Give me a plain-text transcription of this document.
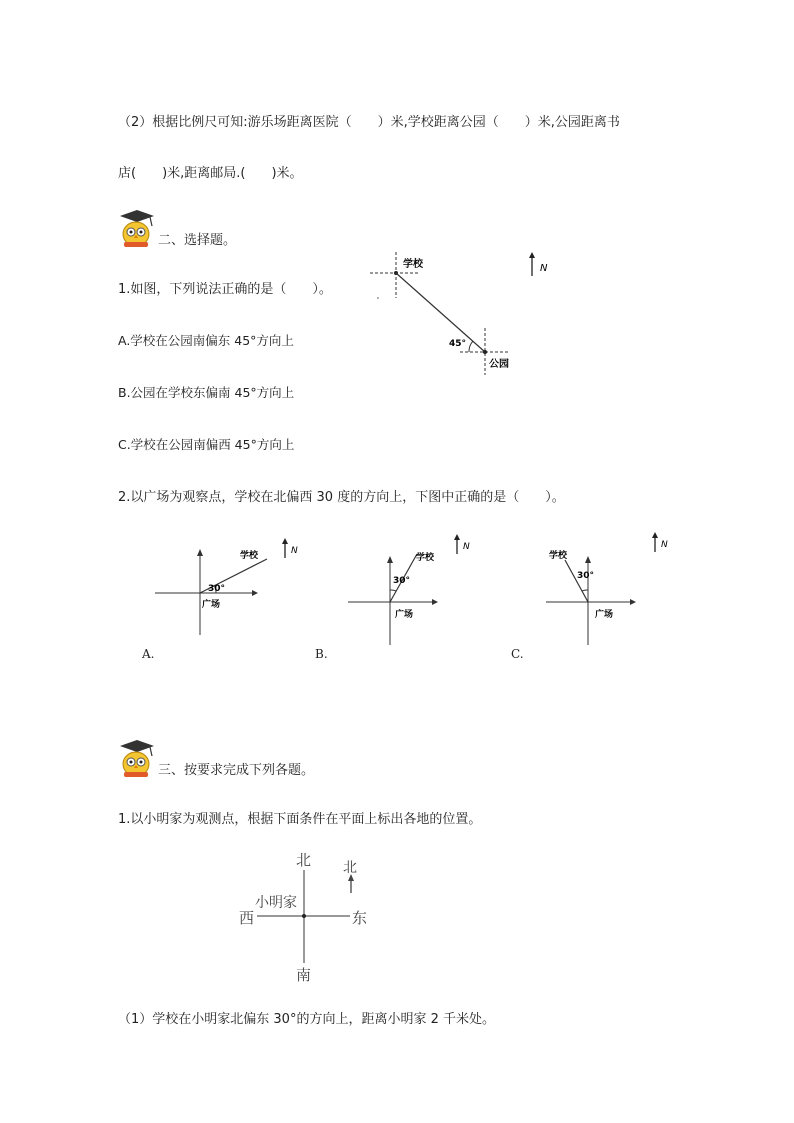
（2）根据比例尺可知:游乐场距离医院（　　）米,学校距离公园（　　）米,公园距离书
店(　　)米,距离邮局.(　　)米。
二、选择题。
1.如图，下列说法正确的是（　　）。
A.学校在公园南偏东 45°方向上
B.公园在学校东偏南 45°方向上
C.学校在公园南偏西 45°方向上
学校
45°
公园
N
2.以广场为观察点，学校在北偏西 30 度的方向上，下图中正确的是（　　）。
30°
学校
广场
N
A.
30°
学校
广场
N
B.
30°
学校
广场
N
C.
三、按要求完成下列各题。
1.以小明家为观测点，根据下面条件在平面上标出各地的位置。
北
南
东
西
小明家
北
（1）学校在小明家北偏东 30°的方向上，距离小明家 2 千米处。
